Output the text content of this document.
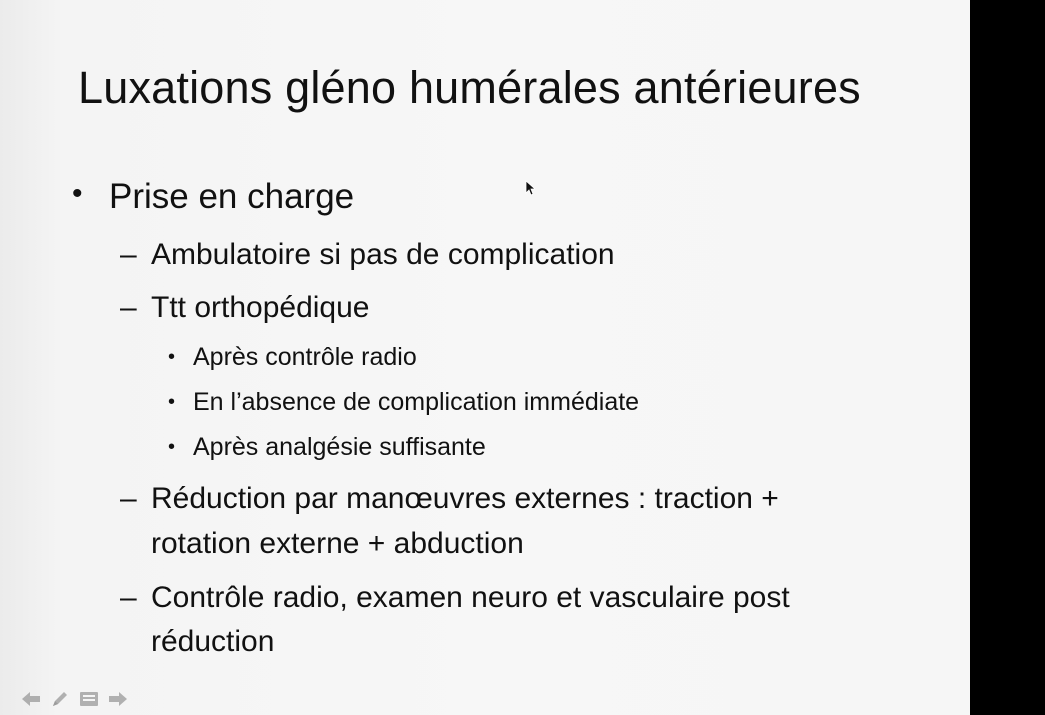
Luxations gléno humérales antérieures
• Prise en charge
– Ambulatoire si pas de complication
– Ttt orthopédique
• Après contrôle radio
• En l’absence de complication immédiate
• Après analgésie suffisante
– Réduction par manœuvres externes : traction +
rotation externe + abduction
– Contrôle radio, examen neuro et vasculaire post
réduction
